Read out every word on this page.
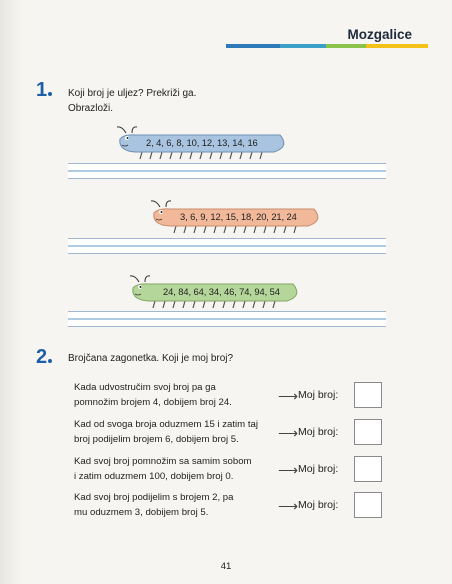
Mozgalice
1	Koji broj je uljez? Prekriži ga.
Obrazloži.
2, 4, 6, 8, 10, 12, 13, 14, 16
3, 6, 9, 12, 15, 18, 20, 21, 24
24, 84, 64, 34, 46, 74, 94, 54
2	Brojčana zagonetka. Koji je moj broj?
Kada udvostručim svoj broj pa ga
pomnožim brojem 4, dobijem broj 24.	⟶ Moj broj:
Kad od svoga broja oduzmem 15 i zatim taj
broj podijelim brojem 6, dobijem broj 5.	⟶ Moj broj:
Kad svoj broj pomnožim sa samim sobom
i zatim oduzmem 100, dobijem broj 0.	⟶ Moj broj:
Kad svoj broj podijelim s brojem 2, pa
mu oduzmem 3, dobijem broj 5.	⟶ Moj broj:
41
